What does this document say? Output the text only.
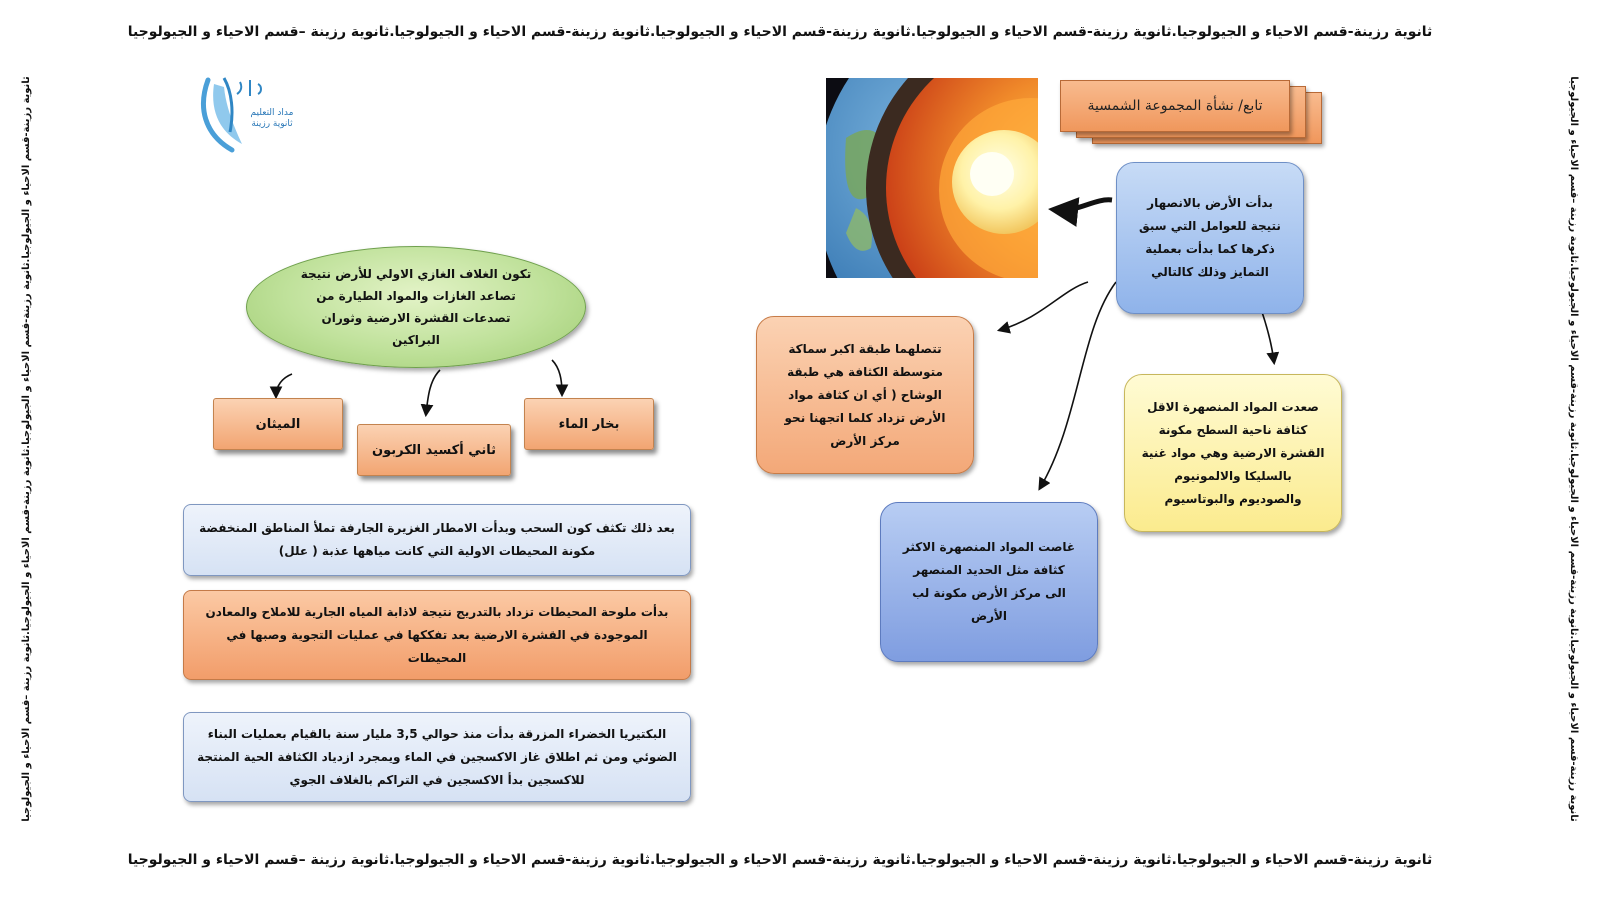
ثانوية رزينة-قسم الاحياء و الجيولوجيا.ثانوية رزينة-قسم الاحياء و الجيولوجيا.ثانوية رزينة-قسم الاحياء و الجيولوجيا.ثانوية رزينة-قسم الاحياء و الجيولوجيا.ثانوية رزينة –قسم الاحياء و الجيولوجيا
ثانوية رزينة-قسم الاحياء و الجيولوجيا.ثانوية رزينة-قسم الاحياء و الجيولوجيا.ثانوية رزينة-قسم الاحياء و الجيولوجيا.ثانوية رزينة-قسم الاحياء و الجيولوجيا.ثانوية رزينة –قسم الاحياء و الجيولوجيا
ثانوية رزينة-قسم الاحياء و الجيولوجيا.ثانوية رزينة-قسم الاحياء و الجيولوجيا.ثانوية رزينة-قسم الاحياء و الجيولوجيا.ثانوية رزينة –قسم الاحياء و الجيولوجيا	ثانوية رزينة-قسم الاحياء و الجيولوجيا.ثانوية رزينة-قسم الاحياء و الجيولوجيا.ثانوية رزينة-قسم الاحياء و الجيولوجيا.ثانوية رزينة –قسم الاحياء و الجيولوجيا
مداد التعليم ثانوية رزينة
تابع/ نشأة المجموعة الشمسية
بدأت الأرض بالانصهار نتيجة للعوامل التي سبق ذكرها كما بدأت بعملية التمايز وذلك كالتالي
تتصلهما طبقة اكبر سماكة متوسطة الكثافة هي طبقة الوشاح ( أي ان كثافة مواد الأرض تزداد كلما اتجهنا نحو مركز الأرض
صعدت المواد المنصهرة الاقل كثافة ناحية السطح مكونة القشرة الارضية وهي مواد غنية بالسليكا والالمونيوم والصوديوم والبوتاسيوم
غاصت المواد المنصهرة الاكثر كثافة مثل الحديد المنصهر الى مركز الأرض مكونة لب الأرض
تكون الغلاف الغازي الاولي للأرض نتيجة تصاعد الغازات والمواد الطيارة من تصدعات القشرة الارضية وثوران البراكين
الميثان
ثاني أكسيد الكربون
بخار الماء
بعد ذلك تكثف كون السحب وبدأت الامطار الغزيرة الجارفة تملأ المناطق المنخفضة مكونة المحيطات الاولية التي كانت مياهها عذبة ( علل)
بدأت ملوحة المحيطات تزداد بالتدريج نتيجة لاذابة المياه الجارية للاملاح والمعادن الموجودة في القشرة الارضية بعد تفككها في عمليات التجوية وصبها في المحيطات
البكتيريا الخضراء المزرقة بدأت منذ حوالي 3,5 مليار سنة بالقيام بعمليات البناء الضوئي ومن ثم اطلاق غاز الاكسجين في الماء ويمجرد ازدياد الكثافة الحية المنتجة للاكسجين بدأ الاكسجين في التراكم بالغلاف الجوي
